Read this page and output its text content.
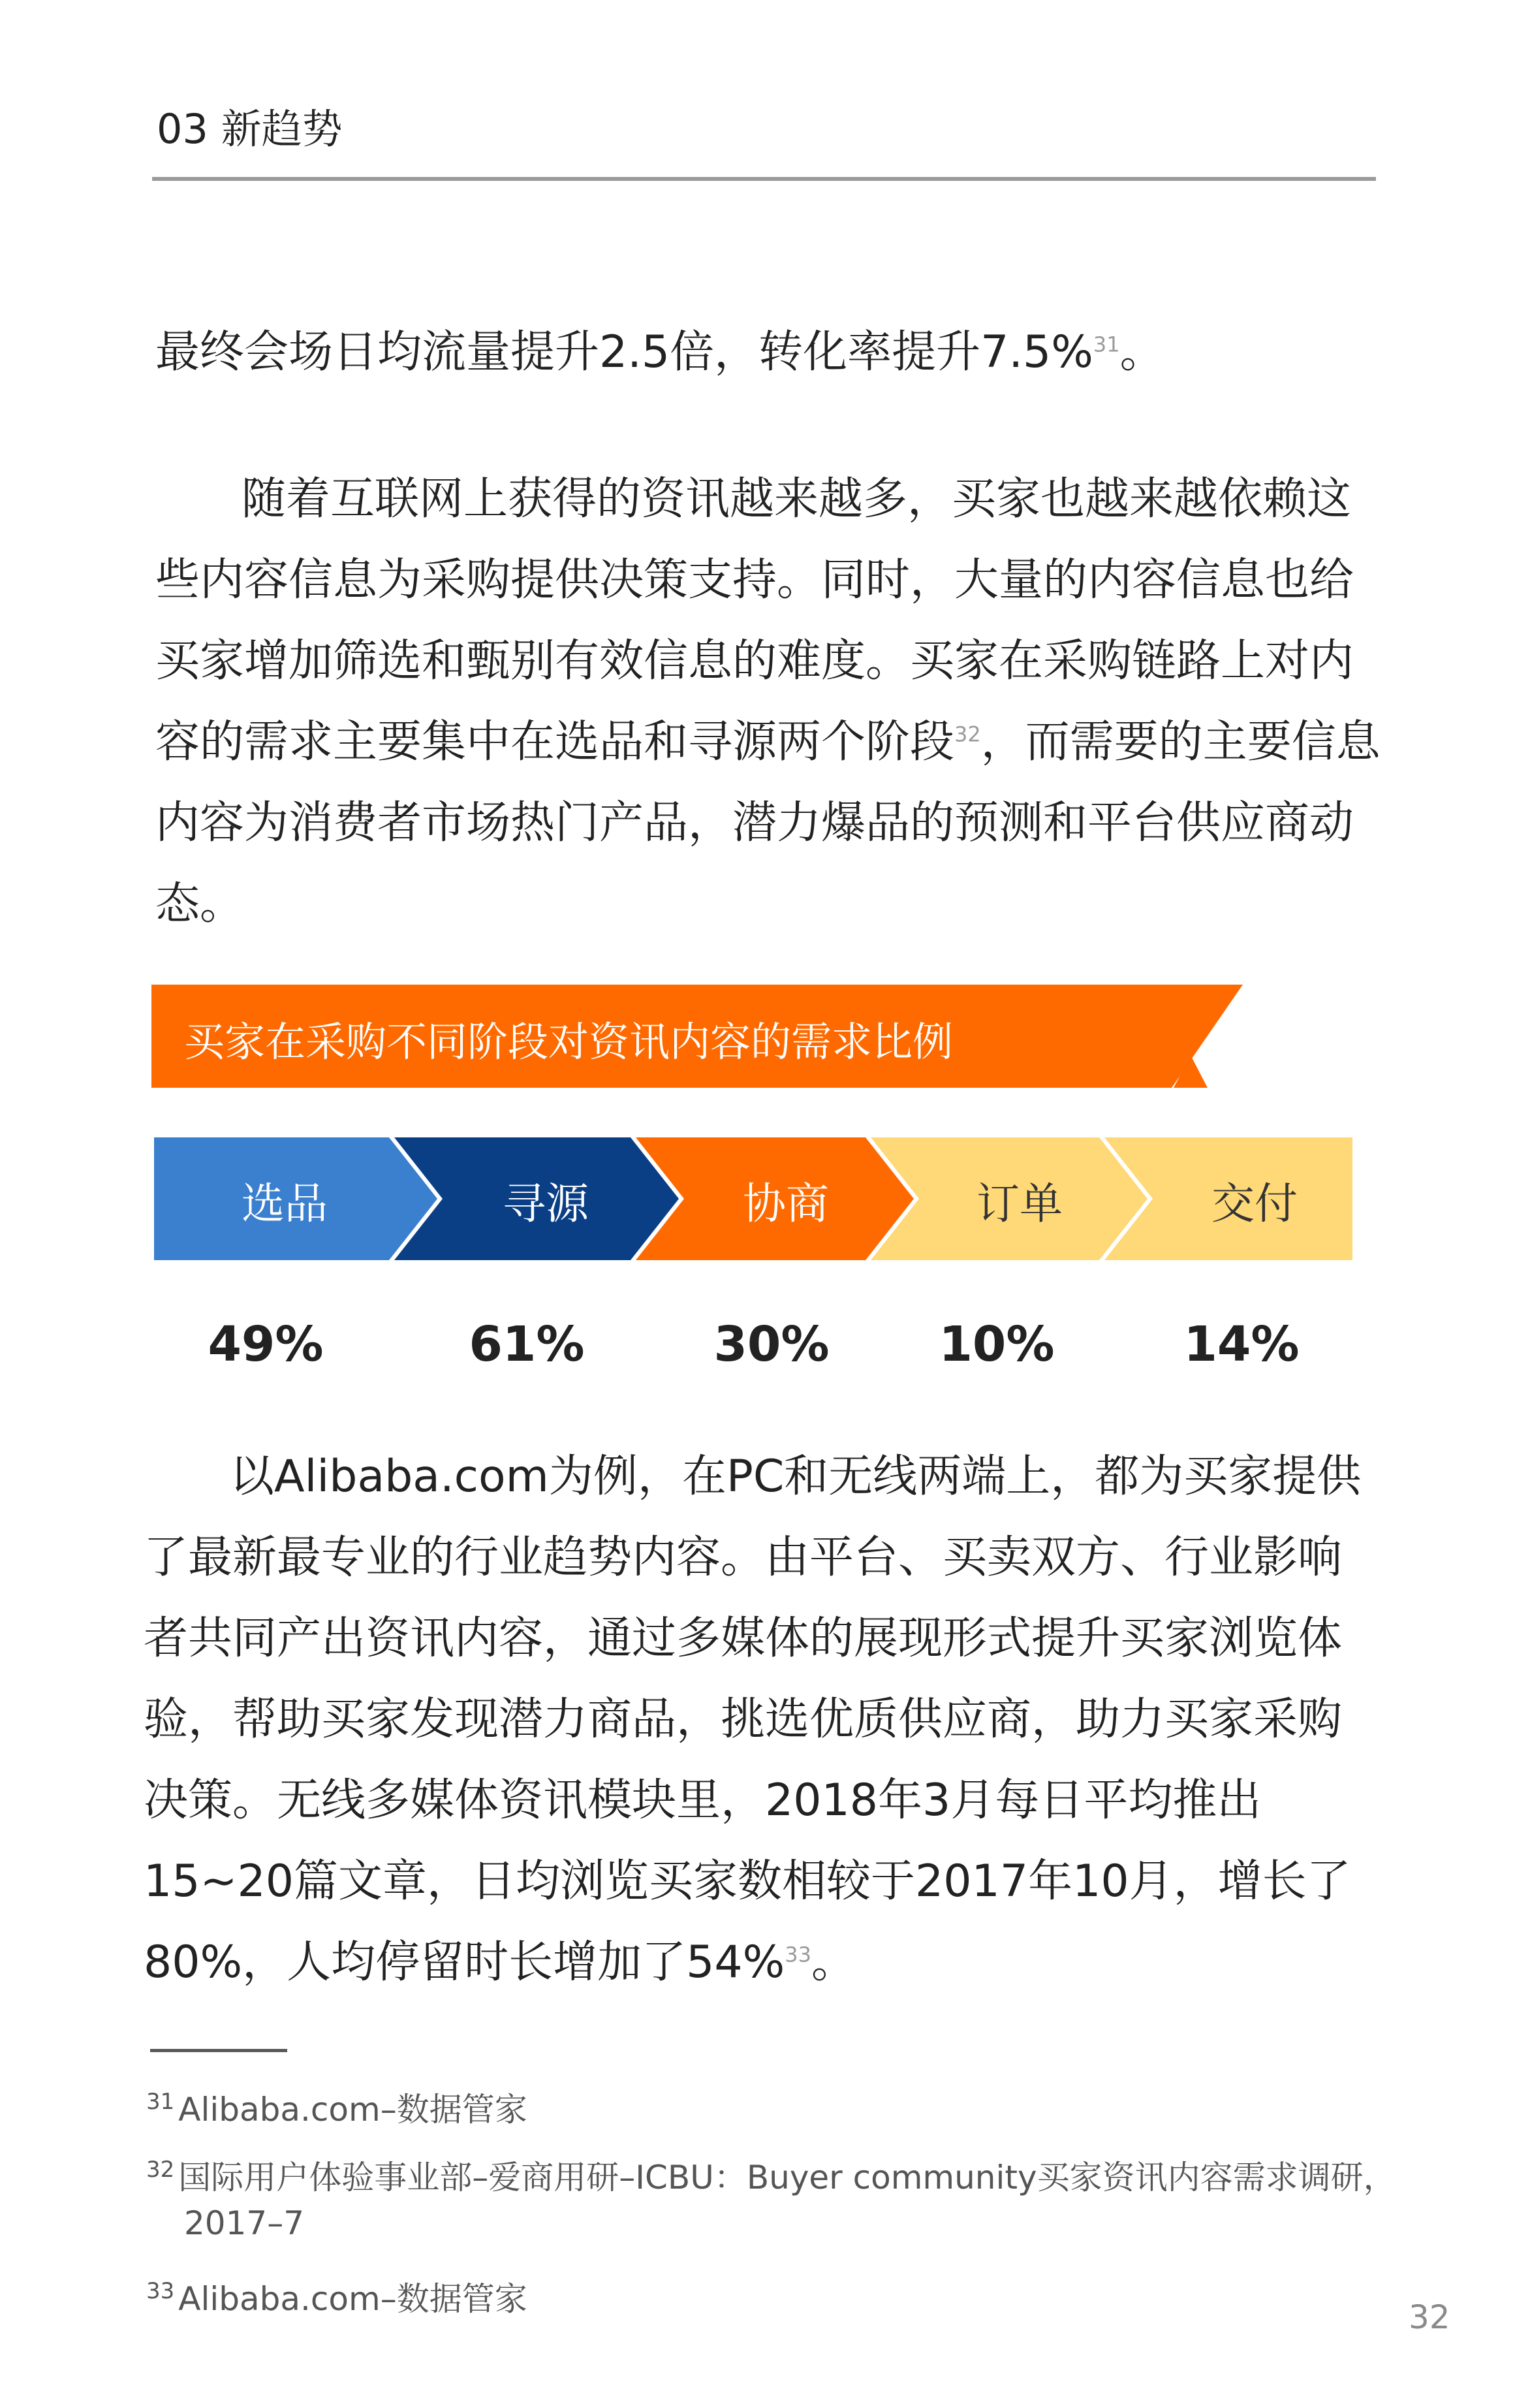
03 新趋势
最终会场日均流量提升2.5倍，转化率提升7.5%$^{31}$。
随着互联网上获得的资讯越来越多，买家也越来越依赖这
些内容信息为采购提供决策支持。同时，大量的内容信息也给
买家增加筛选和甄别有效信息的难度。买家在采购链路上对内
容的需求主要集中在选品和寻源两个阶段$^{32}$，而需要的主要信息
内容为消费者市场热门产品，潜力爆品的预测和平台供应商动
态。
买家在采购不同阶段对资讯内容的需求比例
选品	寻源	协商	订单	交付
49%	61%	30%	10%	14%
以Alibaba.com为例，在PC和无线两端上，都为买家提供
了最新最专业的行业趋势内容。由平台、买卖双方、行业影响
者共同产出资讯内容，通过多媒体的展现形式提升买家浏览体
验，帮助买家发现潜力商品，挑选优质供应商，助力买家采购
决策。无线多媒体资讯模块里，2018年3月每日平均推出
15~20篇文章，日均浏览买家数相较于2017年10月，增长了
80%，人均停留时长增加了54%$^{33}$。
$^{31}$ Alibaba.com–数据管家
$^{32}$ 国际用户体验事业部–爱商用研–ICBU：Buyer community买家资讯内容需求调研，
2017–7
$^{33}$ Alibaba.com–数据管家	32
